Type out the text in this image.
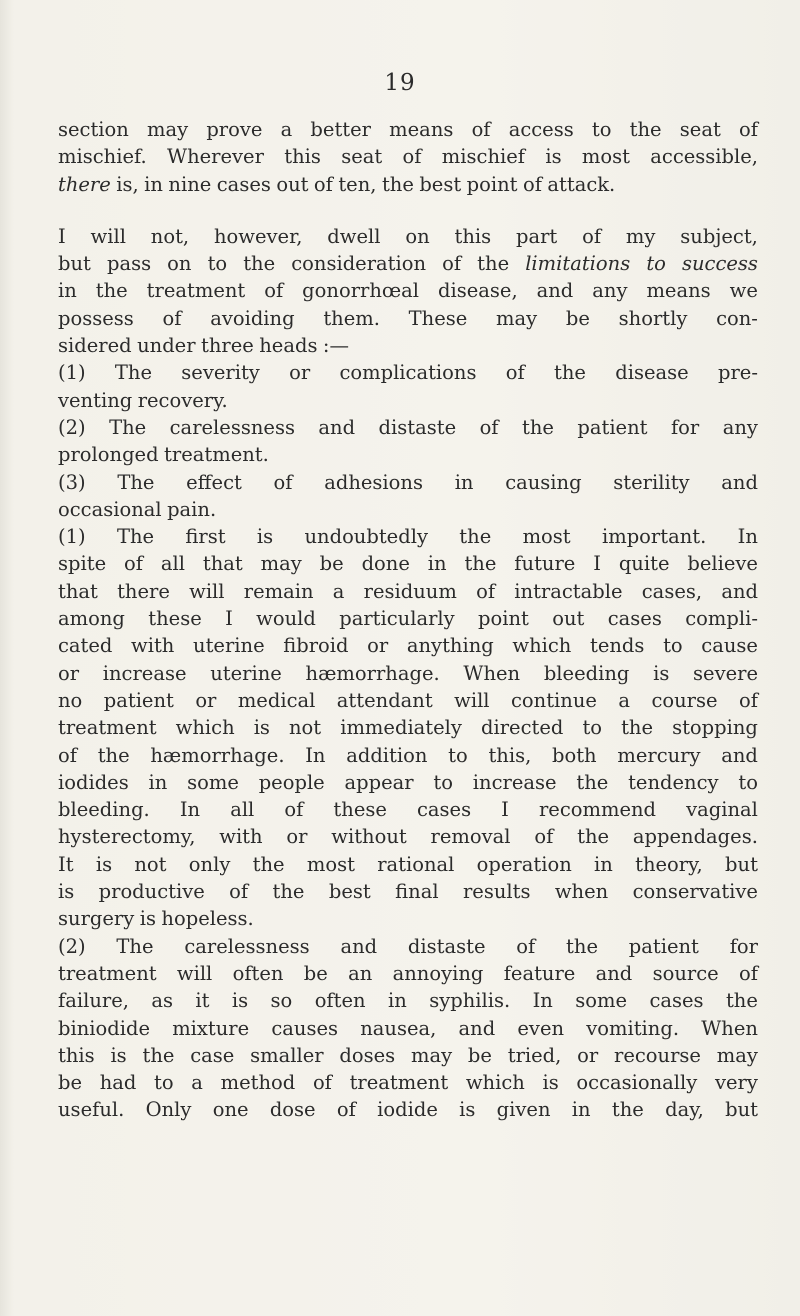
19
section may prove a better means of access to the seat of
mischief. Wherever this seat of mischief is most accessible,
there is, in nine cases out of ten, the best point of attack.
I will not, however, dwell on this part of my subject,
but pass on to the consideration of the limitations to success
in the treatment of gonorrhœal disease, and any means we
possess of avoiding them. These may be shortly con-
sidered under three heads :—
(1) The severity or complications of the disease pre-
venting recovery.
(2) The carelessness and distaste of the patient for any
prolonged treatment.
(3) The effect of adhesions in causing sterility and
occasional pain.
(1) The first is undoubtedly the most important. In
spite of all that may be done in the future I quite believe
that there will remain a residuum of intractable cases, and
among these I would particularly point out cases compli-
cated with uterine fibroid or anything which tends to cause
or increase uterine hæmorrhage. When bleeding is severe
no patient or medical attendant will continue a course of
treatment which is not immediately directed to the stopping
of the hæmorrhage. In addition to this, both mercury and
iodides in some people appear to increase the tendency to
bleeding. In all of these cases I recommend vaginal
hysterectomy, with or without removal of the appendages.
It is not only the most rational operation in theory, but
is productive of the best final results when conservative
surgery is hopeless.
(2) The carelessness and distaste of the patient for
treatment will often be an annoying feature and source of
failure, as it is so often in syphilis. In some cases the
biniodide mixture causes nausea, and even vomiting. When
this is the case smaller doses may be tried, or recourse may
be had to a method of treatment which is occasionally very
useful. Only one dose of iodide is given in the day, but
